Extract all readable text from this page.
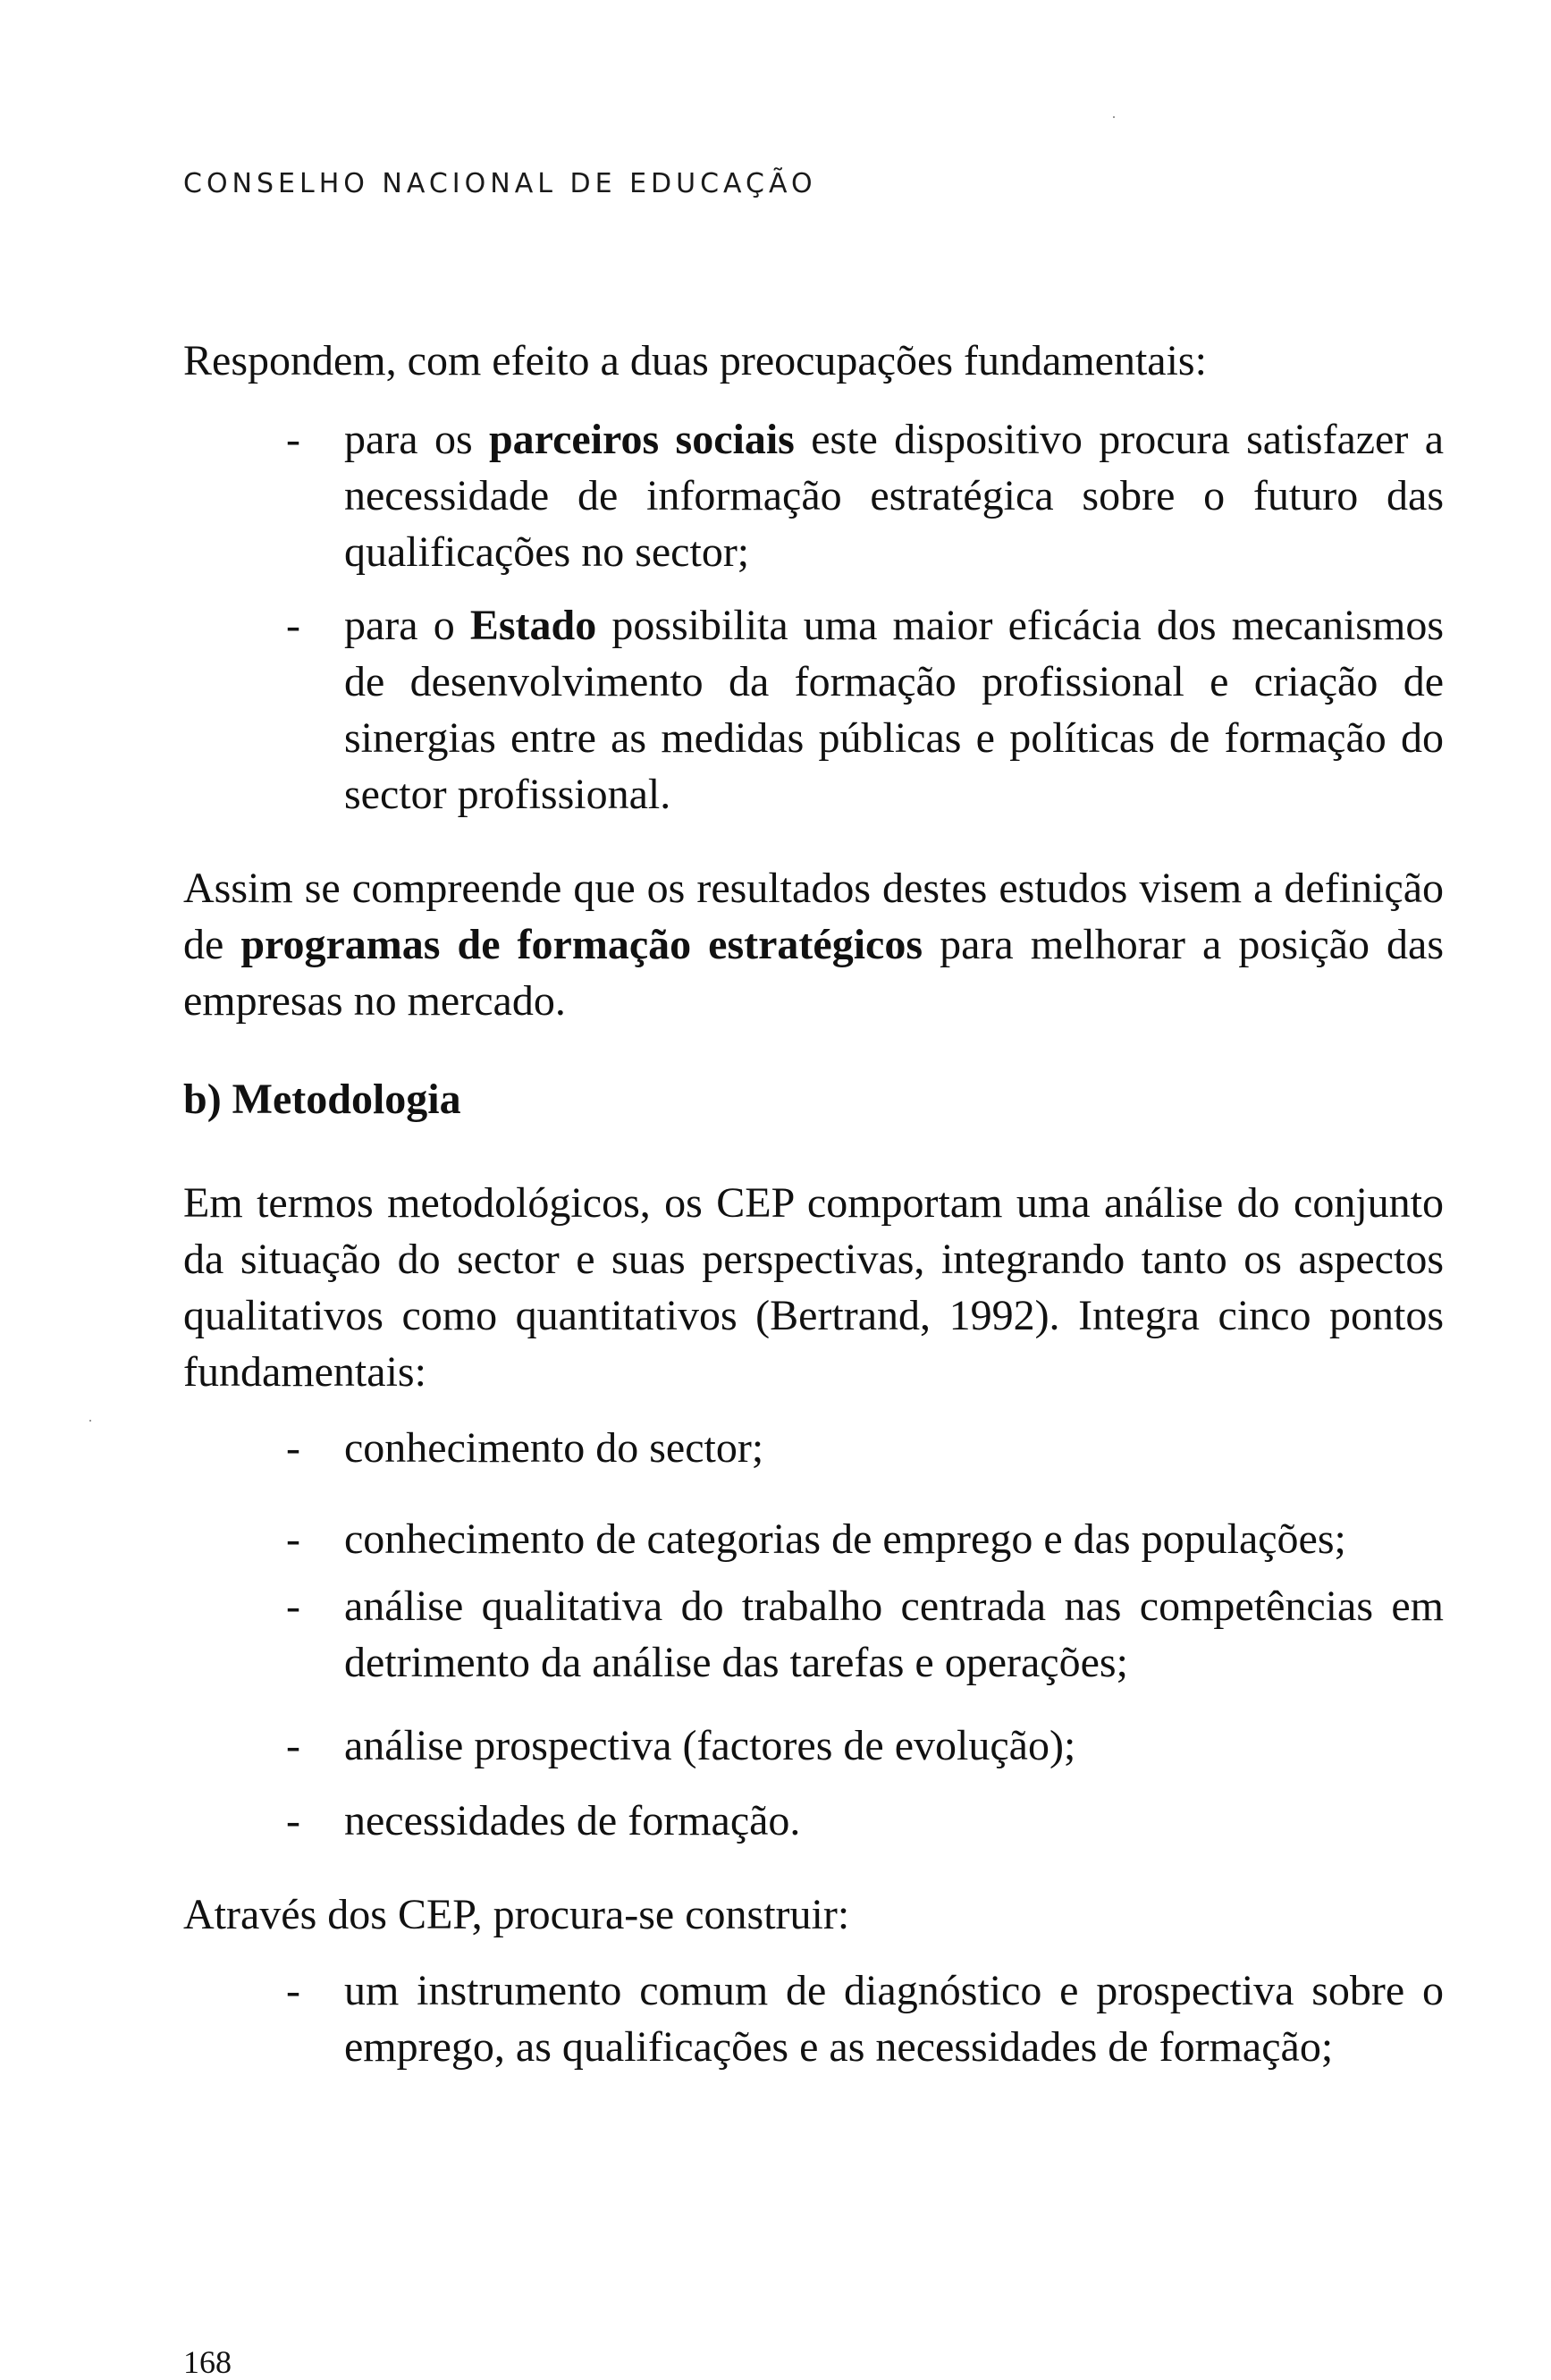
CONSELHO NACIONAL DE EDUCAÇÃO
Respondem, com efeito a duas preocupações fundamentais:
- para os parceiros sociais este dispositivo procura satisfazer a necessidade de informação estratégica sobre o futuro das qualificações no sector;
- para o Estado possibilita uma maior eficácia dos mecanismos de desenvolvimento da formação profissional e criação de sinergias entre as medidas públicas e políticas de formação do sector profissional.
Assim se compreende que os resultados destes estudos visem a definição de programas de formação estratégicos para melhorar a posição das empresas no mercado.
b) Metodologia
Em termos metodológicos, os CEP comportam uma análise do conjunto da situação do sector e suas perspectivas, integrando tanto os aspectos qualitativos como quantitativos (Bertrand, 1992). Integra cinco pontos fundamentais:
- conhecimento do sector;
- conhecimento de categorias de emprego e das populações;
- análise qualitativa do trabalho centrada nas competências em detrimento da análise das tarefas e operações;
- análise prospectiva (factores de evolução);
- necessidades de formação.
Através dos CEP, procura-se construir:
- um instrumento comum de diagnóstico e prospectiva sobre o emprego, as qualificações e as necessidades de formação;
168
